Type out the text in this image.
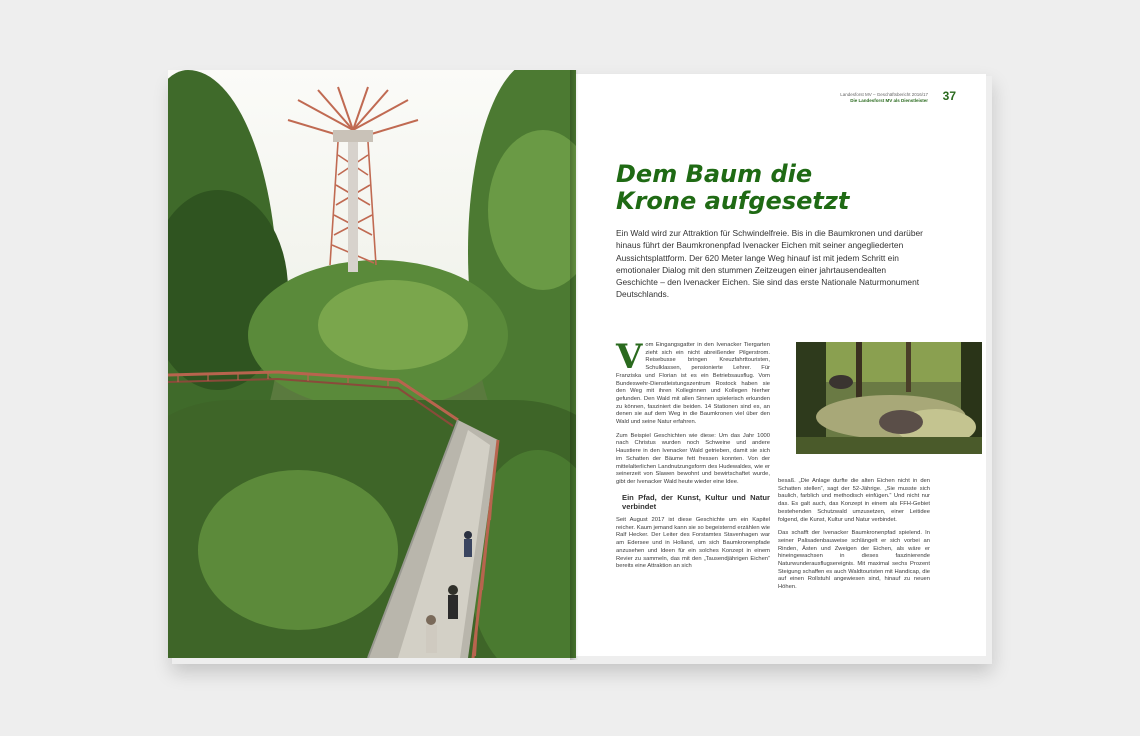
Landesforst MV – Geschäftsbericht 2016/17
Die Landesforst MV als Dienstleister 37
Dem Baum die
Krone aufgesetzt

Ein Wald wird zur Attraktion für Schwindelfreie. Bis in die Baumkronen und darüber hinaus führt der Baumkronenpfad Ivenacker Eichen mit seiner angegliederten Aussichtsplattform. Der 620 Meter lange Weg hinauf ist mit jedem Schritt ein emotionaler Dialog mit den stummen Zeitzeugen einer jahrtausendealten Geschichte – den Ivenacker Eichen. Sie sind das erste Nationale Naturmonument Deutschlands.

Vom Eingangsgatter in den Ivenacker Tiergarten zieht sich ein nicht abreißender Pilgerstrom. Reisebusse bringen Kreuzfahrttouristen, Schulklassen, pensionierte Lehrer. Für Franziska und Florian ist es ein Betriebsausflug. Vom Bundeswehr-Dienstleistungszentrum Rostock haben sie den Weg mit ihren Kolleginnen und Kollegen hierher gefunden. Den Wald mit allen Sinnen spielerisch erkunden zu können, fasziniert die beiden. 14 Stationen sind es, an denen sie auf dem Weg in die Baumkronen viel über den Wald und seine Natur erfahren.

Zum Beispiel Geschichten wie diese: Um das Jahr 1000 nach Christus wurden noch Schweine und andere Haustiere in den Ivenacker Wald getrieben, damit sie sich im Schatten der Bäume fett fressen konnten. Von der mittelalterlichen Landnutzungsform des Hudewaldes, wie er seinerzeit von Slawen bewohnt und bewirtschaftet wurde, gibt der Ivenacker Wald heute wieder eine Idee.

Ein Pfad, der Kunst, Kultur und Natur verbindet

Seit August 2017 ist diese Geschichte um ein Kapitel reicher. Kaum jemand kann sie so begeisternd erzählen wie Ralf Hecker. Der Leiter des Forstamtes Stavenhagen war am Edersee und in Holland, um sich Baumkronenpfade anzusehen und Ideen für ein solches Konzept in einem Revier zu sammeln, das mit den „Tausendjährigen Eichen“ bereits eine Attraktion an sich

besaß. „Die Anlage durfte die alten Eichen nicht in den Schatten stellen“, sagt der 52-Jährige. „Sie musste sich baulich, farblich und methodisch einfügen.“ Und nicht nur das. Es galt auch, das Konzept in einem als FFH-Gebiet bestehenden Schutzwald umzusetzen, einer Leitidee folgend, die Kunst, Kultur und Natur verbindet.

Das schafft der Ivenacker Baumkronenpfad spielend. In seiner Palisadenbauweise schlängelt er sich vorbei an Rinden, Ästen und Zweigen der Eichen, als wäre er hineingewachsen in dieses faszinierende Naturwunderausflugsereignis. Mit maximal sechs Prozent Steigung schaffen es auch Waldtouristen mit Handicap, die auf einen Rollstuhl angewiesen sind, hinauf zu neuen Höhen.
